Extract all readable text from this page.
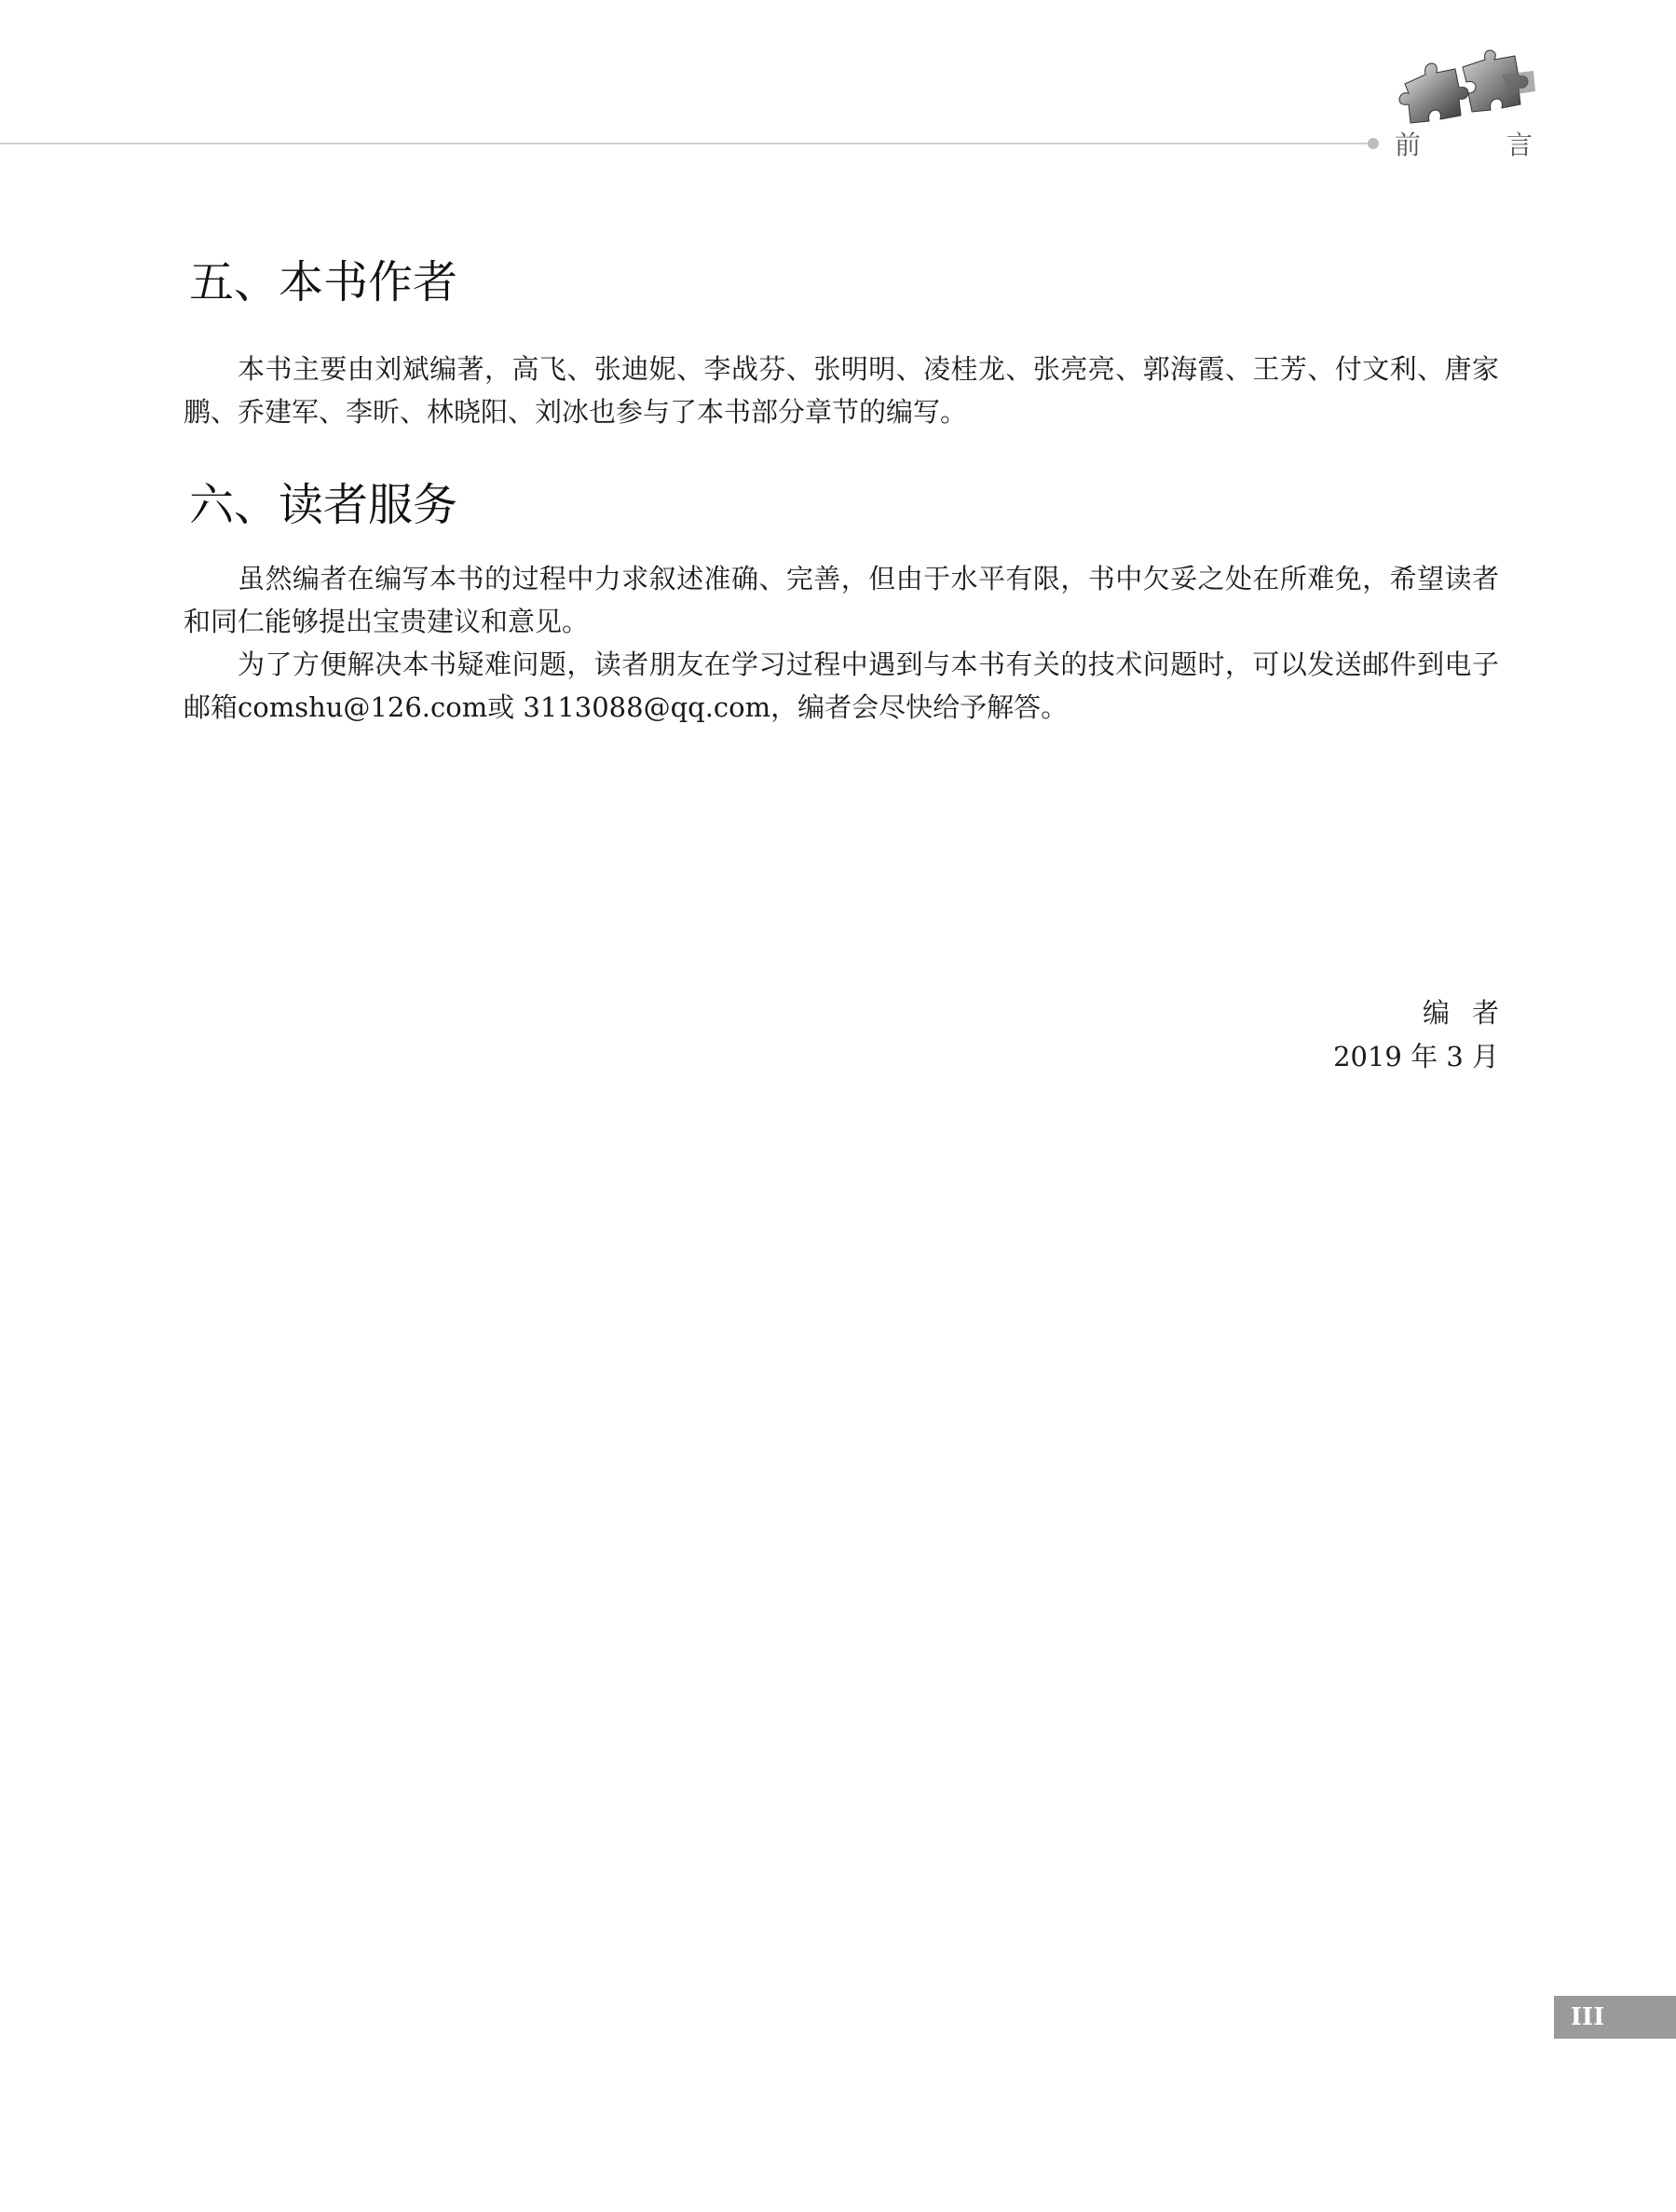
前　言
五、本书作者

本书主要由刘斌编著，高飞、张迪妮、李战芬、张明明、凌桂龙、张亮亮、郭海霞、王芳、付文利、唐家鹏、乔建军、李昕、林晓阳、刘冰也参与了本书部分章节的编写。

六、读者服务

虽然编者在编写本书的过程中力求叙述准确、完善，但由于水平有限，书中欠妥之处在所难免，希望读者和同仁能够提出宝贵建议和意见。

为了方便解决本书疑难问题，读者朋友在学习过程中遇到与本书有关的技术问题时，可以发送邮件到电子邮箱comshu@126.com或 3113088@qq.com，编者会尽快给予解答。

编者
2019 年 3 月
III
